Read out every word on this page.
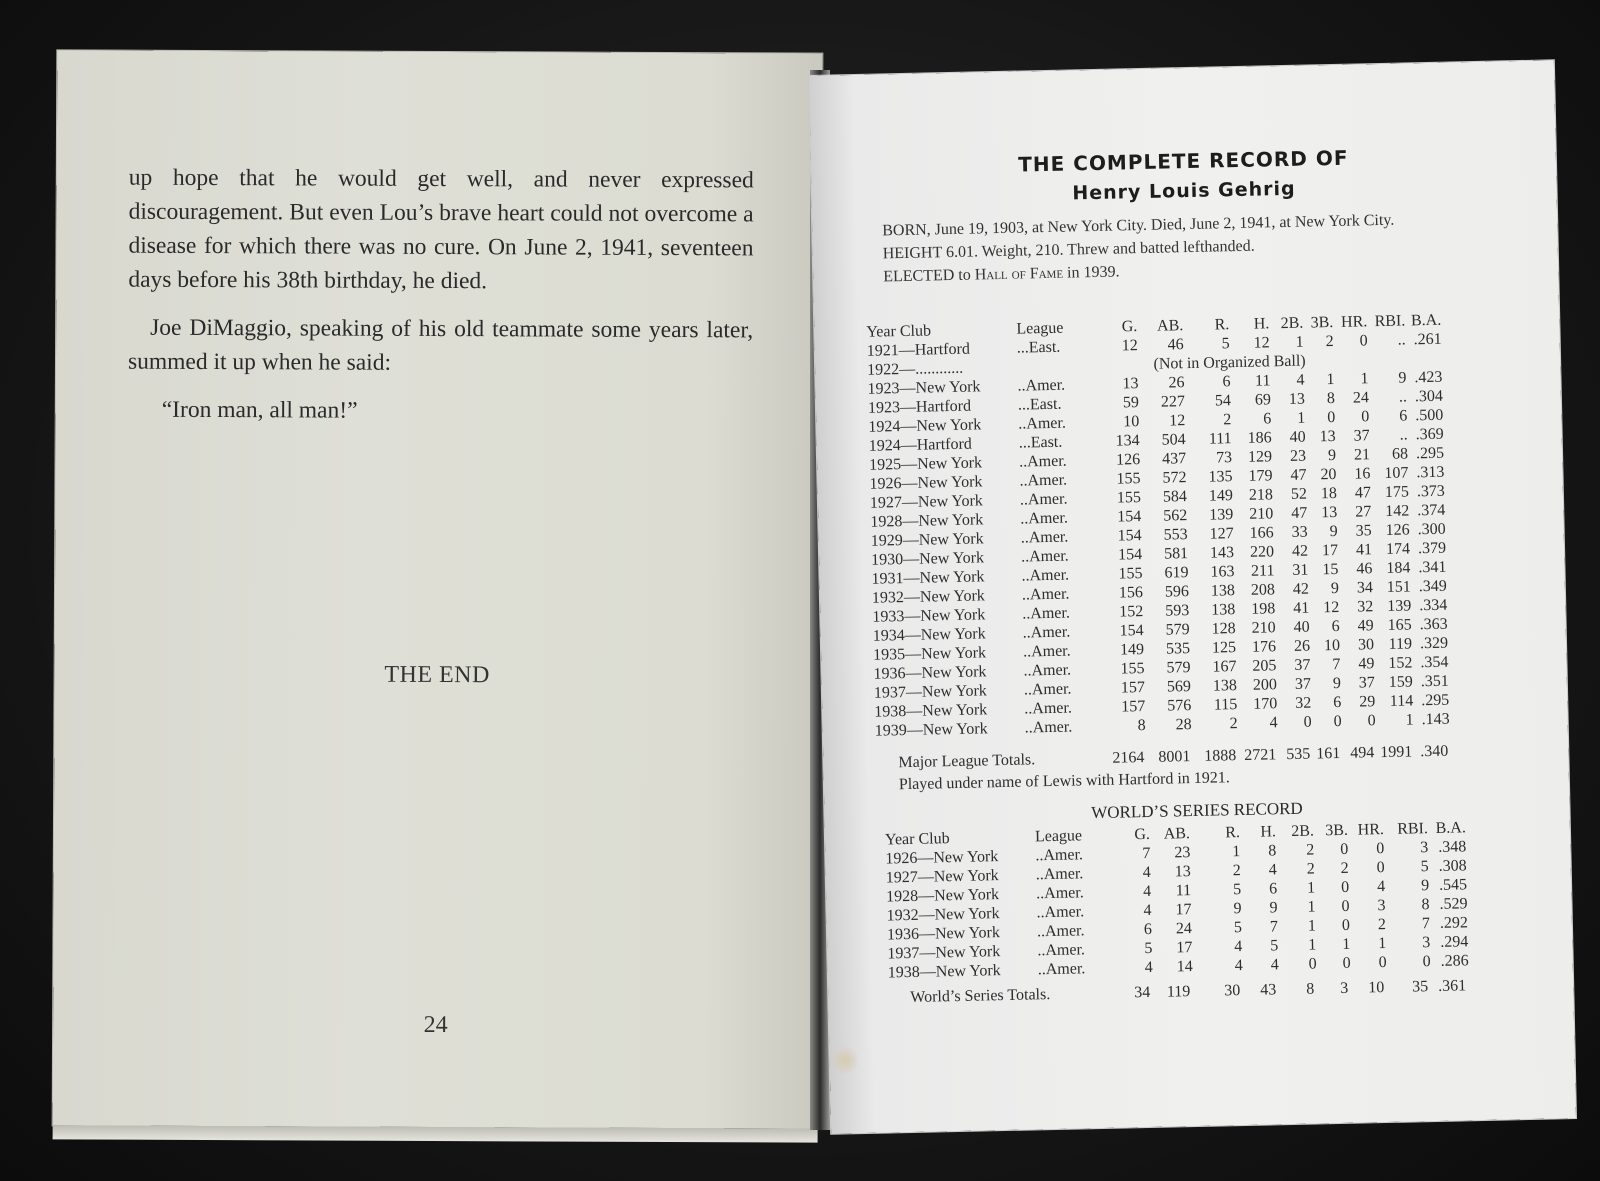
up hope that he would get well, and never expressed discouragement. But even Lou’s brave heart could not overcome a disease for which there was no cure. On June 2, 1941, seventeen days before his 38th birthday, he died.

Joe DiMaggio, speaking of his old teammate some years later, summed it up when he said:

“Iron man, all man!”

THE END
24
THE COMPLETE RECORD OF
Henry Louis Gehrig

BORN, June 19, 1903, at New York City. Died, June 2, 1941, at New York City.

HEIGHT 6.01. Weight, 210. Threw and batted lefthanded.

ELECTED to Hall of Fame in 1939.

Year Club	League	G.	AB.	R.	H.	2B.	3B.	HR.	RBI.	B.A.
1921—Hartford	...East.	12	46	5	12	1	2	0	..	.261
1922—............	(Not in Organized Ball)									
1923—New York	..Amer.	13	26	6	11	4	1	1	9	.423
1923—Hartford	...East.	59	227	54	69	13	8	24	..	.304
1924—New York	..Amer.	10	12	2	6	1	0	0	6	.500
1924—Hartford	...East.	134	504	111	186	40	13	37	..	.369
1925—New York	..Amer.	126	437	73	129	23	9	21	68	.295
1926—New York	..Amer.	155	572	135	179	47	20	16	107	.313
1927—New York	..Amer.	155	584	149	218	52	18	47	175	.373
1928—New York	..Amer.	154	562	139	210	47	13	27	142	.374
1929—New York	..Amer.	154	553	127	166	33	9	35	126	.300
1930—New York	..Amer.	154	581	143	220	42	17	41	174	.379
1931—New York	..Amer.	155	619	163	211	31	15	46	184	.341
1932—New York	..Amer.	156	596	138	208	42	9	34	151	.349
1933—New York	..Amer.	152	593	138	198	41	12	32	139	.334
1934—New York	..Amer.	154	579	128	210	40	6	49	165	.363
1935—New York	..Amer.	149	535	125	176	26	10	30	119	.329
1936—New York	..Amer.	155	579	167	205	37	7	49	152	.354
1937—New York	..Amer.	157	569	138	200	37	9	37	159	.351
1938—New York	..Amer.	157	576	115	170	32	6	29	114	.295
1939—New York	..Amer.	8	28	2	4	0	0	0	1	.143
Major League Totals.	2164 8001 1888 2721 535 161 494 1991 .340
Played under name of Lewis with Hartford in 1921.
WORLD’S SERIES RECORD
Year Club	League	G.	AB.	R.	H.	2B.	3B.	HR.	RBI.	B.A.
1926—New York	..Amer.	7	23	1	8	2	0	0	3	.348
1927—New York	..Amer.	4	13	2	4	2	2	0	5	.308
1928—New York	..Amer.	4	11	5	6	1	0	4	9	.545
1932—New York	..Amer.	4	17	9	9	1	0	3	8	.529
1936—New York	..Amer.	6	24	5	7	1	0	2	7	.292
1937—New York	..Amer.	5	17	4	5	1	1	1	3	.294
1938—New York	..Amer.	4	14	4	4	0	0	0	0	.286
World’s Series Totals.	34 119 30 43 8 3 10 35 .361
